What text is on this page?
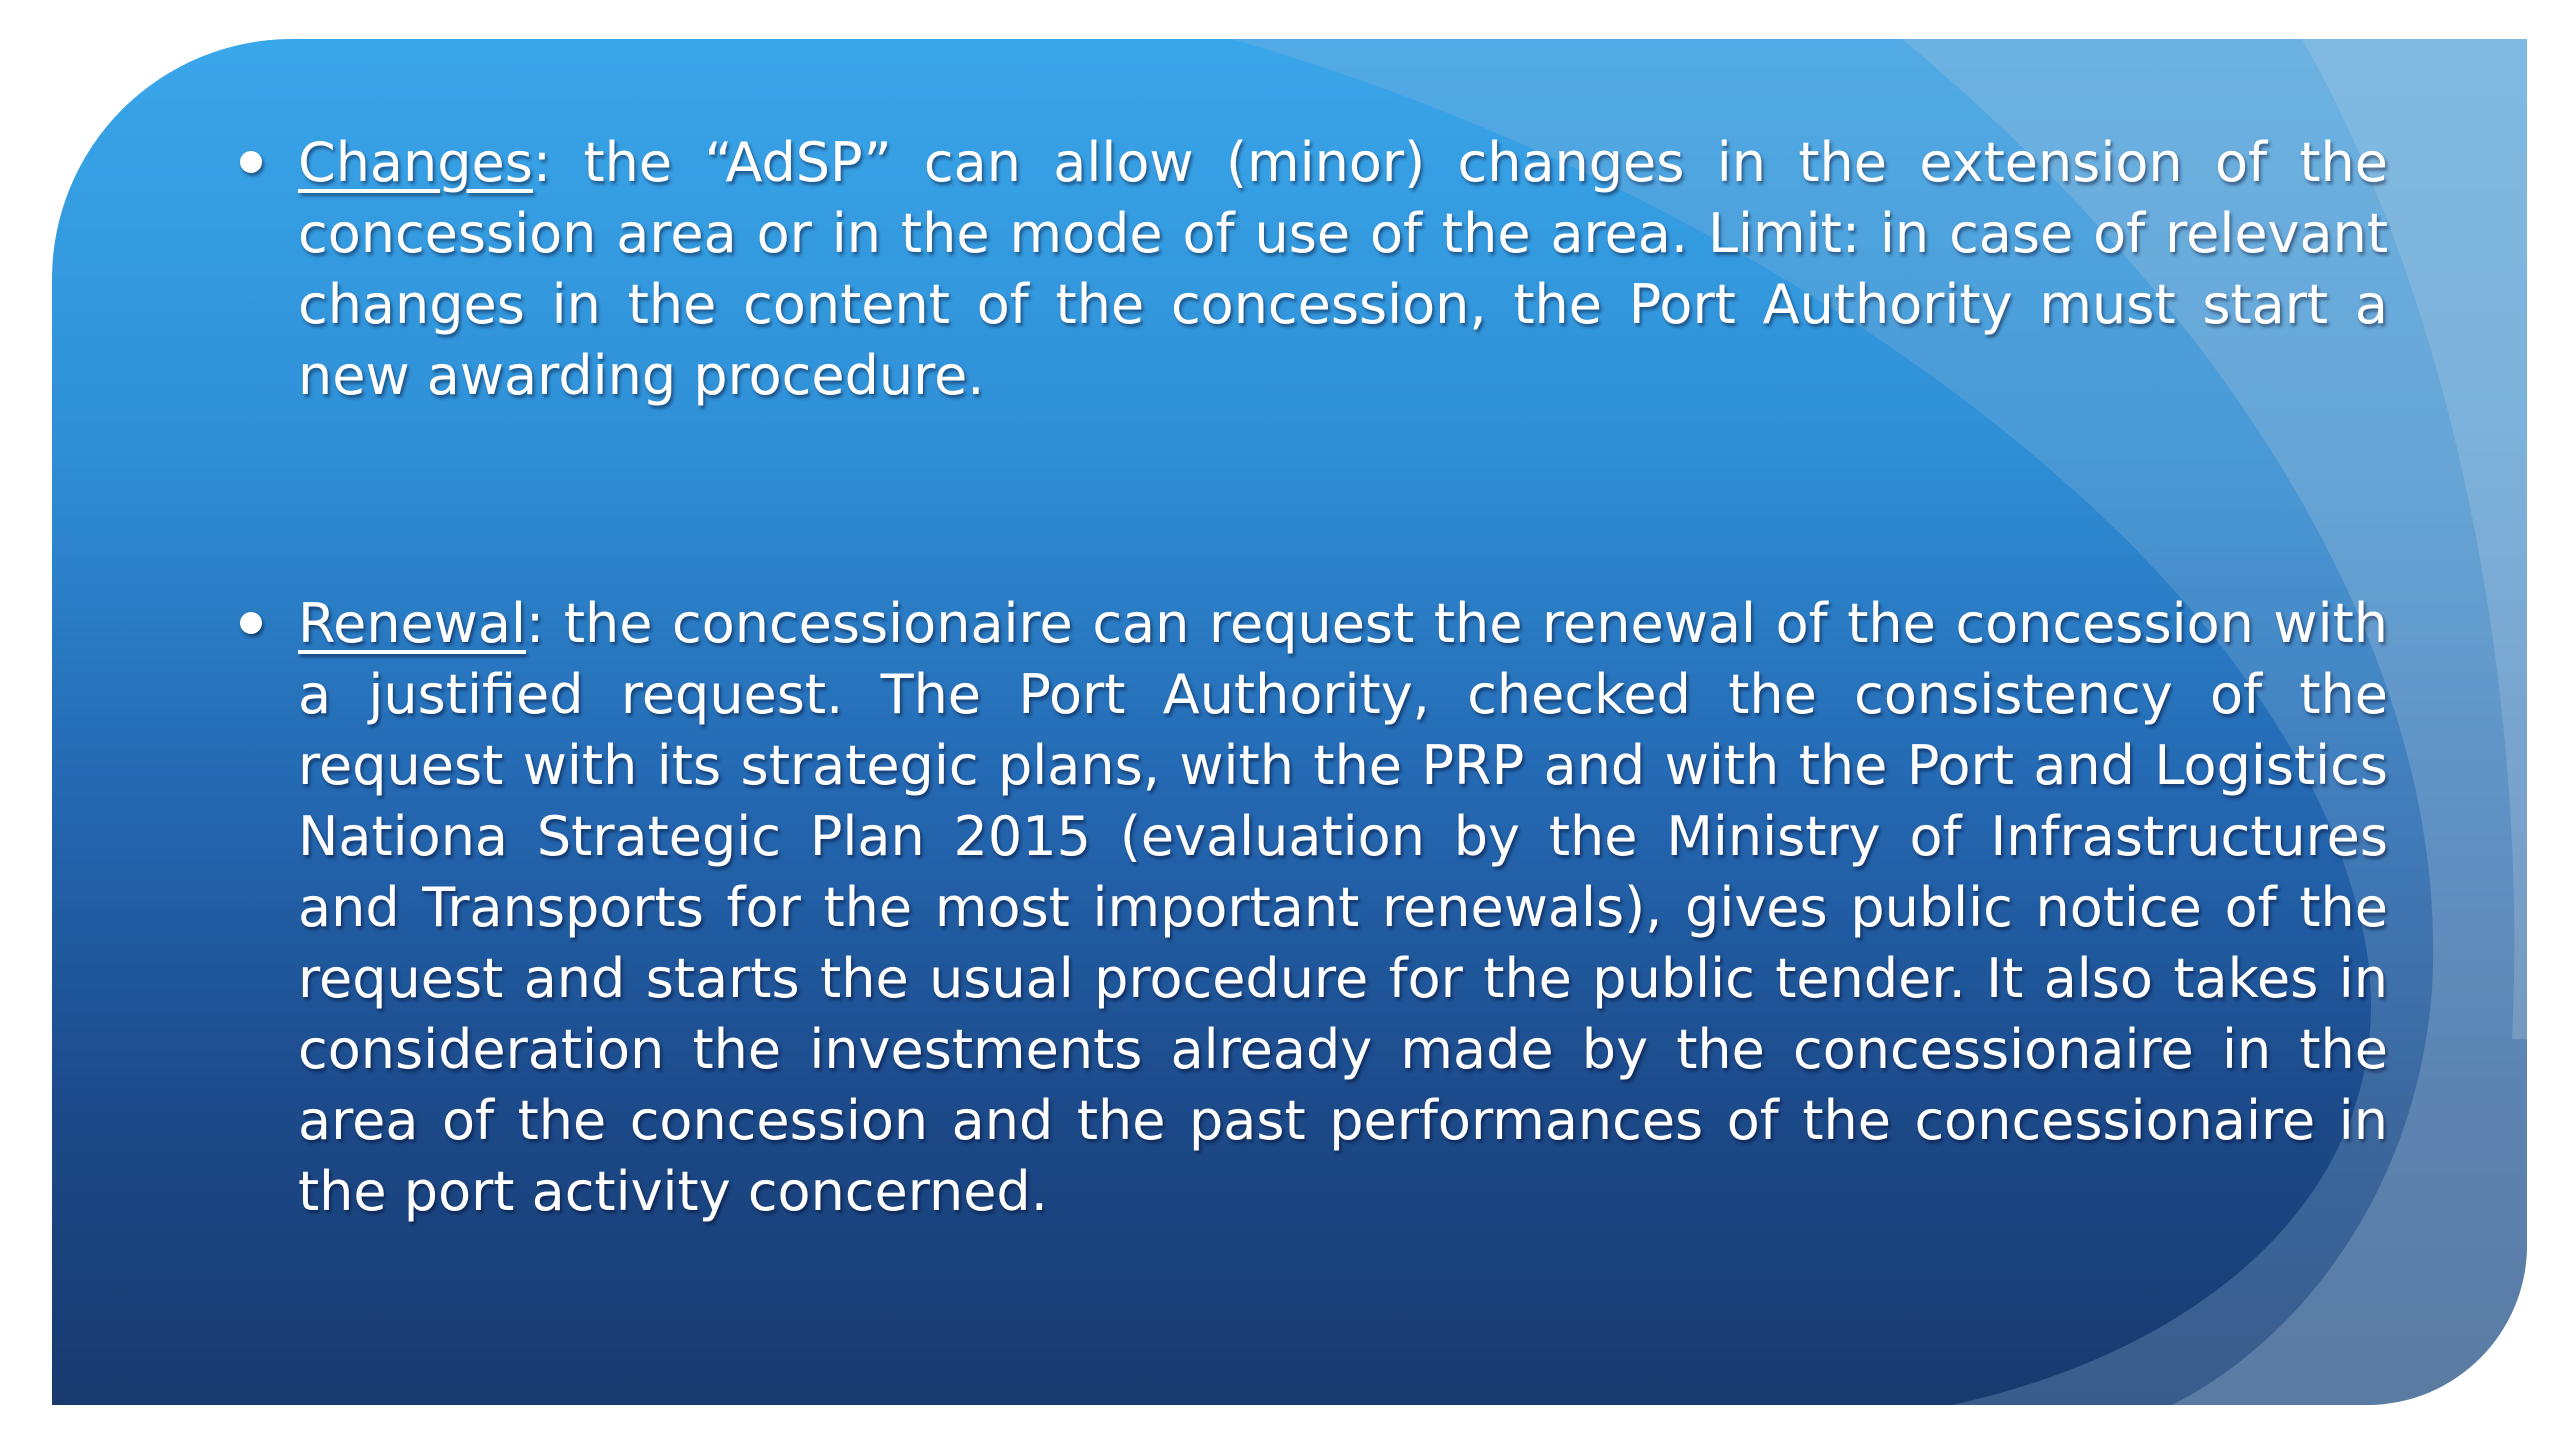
Changes: the “AdSP” can allow (minor) changes in the extension of the concession area or in the mode of use of the area. Limit: in case of relevant changes in the content of the concession, the Port Authority must start a new awarding procedure.
Renewal: the concessionaire can request the renewal of the concession with a justified request. The Port Authority, checked the consistency of the request with its strategic plans, with the PRP and with the Port and Logistics Nationa Strategic Plan 2015 (evaluation by the Ministry of Infrastructures and Transports for the most important renewals), gives public notice of the request and starts the usual procedure for the public tender. It also takes in consideration the investments already made by the concessionaire in the area of the concession and the past performances of the concessionaire in the port activity concerned.
